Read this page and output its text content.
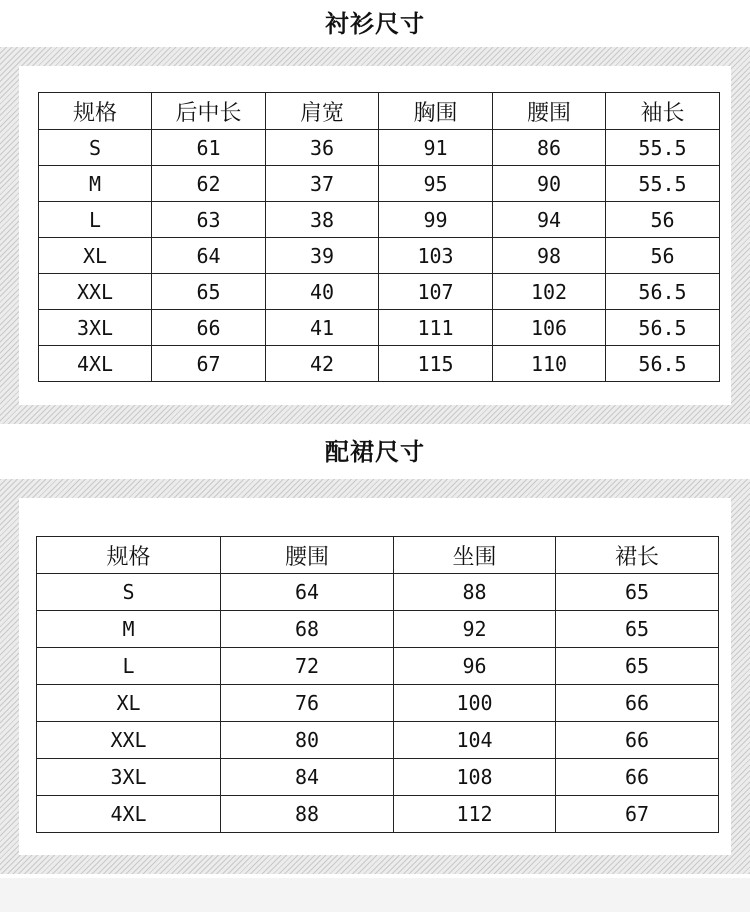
衬衫尺寸
规格	后中长	肩宽	胸围	腰围	袖长
S	61	36	91	86	55.5
M	62	37	95	90	55.5
L	63	38	99	94	56
XL	64	39	103	98	56
XXL	65	40	107	102	56.5
3XL	66	41	111	106	56.5
4XL	67	42	115	110	56.5
配裙尺寸
规格	腰围	坐围	裙长
S	64	88	65
M	68	92	65
L	72	96	65
XL	76	100	66
XXL	80	104	66
3XL	84	108	66
4XL	88	112	67
